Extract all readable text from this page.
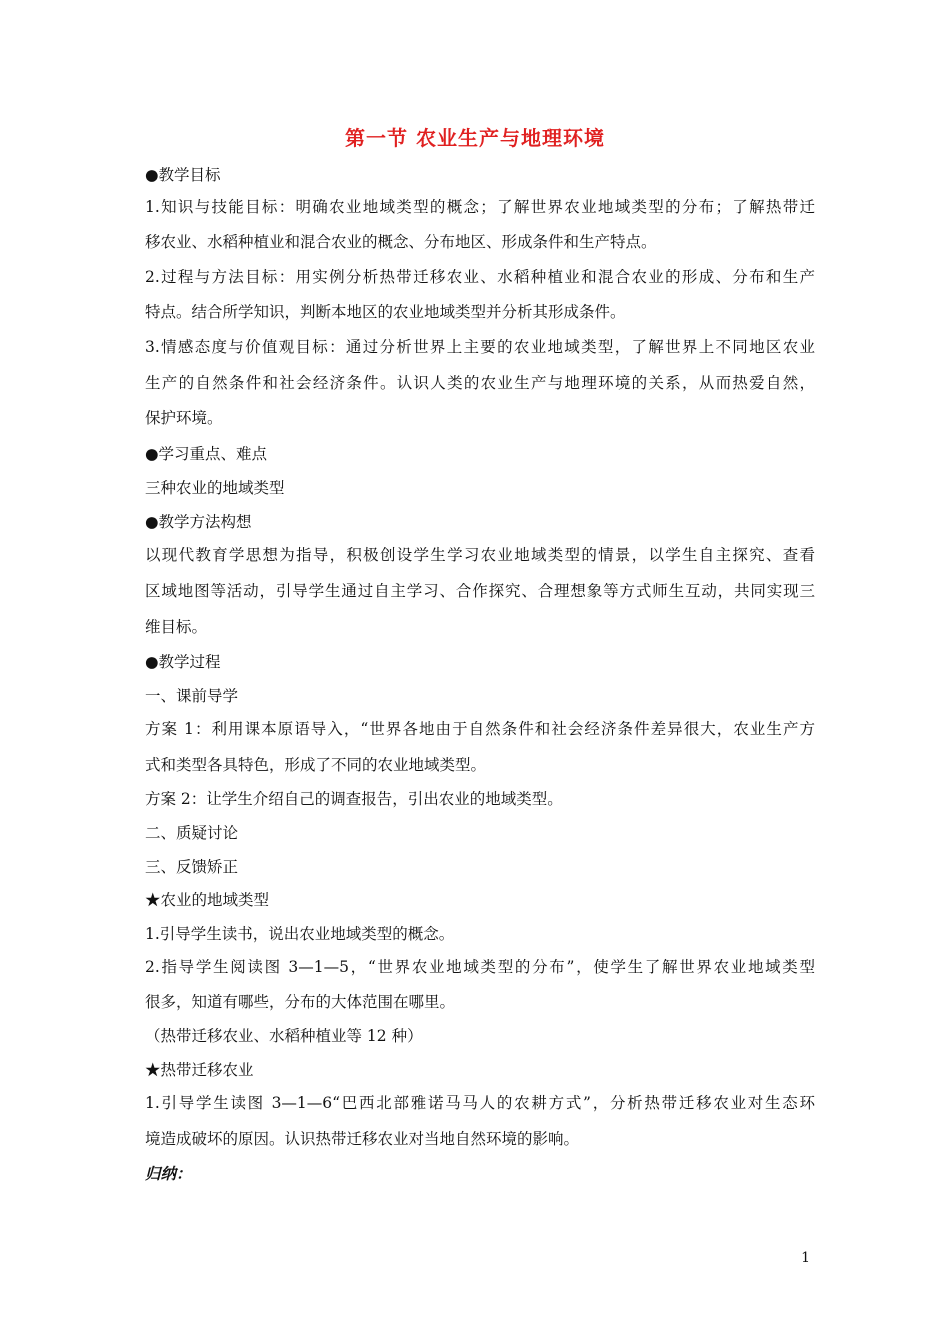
第一节 农业生产与地理环境
●教学目标
1.知识与技能目标：明确农业地域类型的概念；了解世界农业地域类型的分布；了解热带迁
移农业、水稻种植业和混合农业的概念、分布地区、形成条件和生产特点。
2.过程与方法目标：用实例分析热带迁移农业、水稻种植业和混合农业的形成、分布和生产
特点。结合所学知识，判断本地区的农业地域类型并分析其形成条件。
3.情感态度与价值观目标：通过分析世界上主要的农业地域类型，了解世界上不同地区农业
生产的自然条件和社会经济条件。认识人类的农业生产与地理环境的关系，从而热爱自然，
保护环境。
●学习重点、难点
三种农业的地域类型
●教学方法构想
以现代教育学思想为指导，积极创设学生学习农业地域类型的情景，以学生自主探究、查看
区域地图等活动，引导学生通过自主学习、合作探究、合理想象等方式师生互动，共同实现三
维目标。
●教学过程
一、课前导学
方案 1：利用课本原语导入，“世界各地由于自然条件和社会经济条件差异很大，农业生产方
式和类型各具特色，形成了不同的农业地域类型。
方案 2：让学生介绍自己的调查报告，引出农业的地域类型。
二、质疑讨论
三、反馈矫正
★农业的地域类型
1.引导学生读书，说出农业地域类型的概念。
2.指导学生阅读图 3—1—5，“世界农业地域类型的分布”，使学生了解世界农业地域类型
很多，知道有哪些，分布的大体范围在哪里。
（热带迁移农业、水稻种植业等 12 种）
★热带迁移农业
1.引导学生读图 3—1—6“巴西北部雅诺马马人的农耕方式”，分析热带迁移农业对生态环
境造成破坏的原因。认识热带迁移农业对当地自然环境的影响。
归纳：
1
